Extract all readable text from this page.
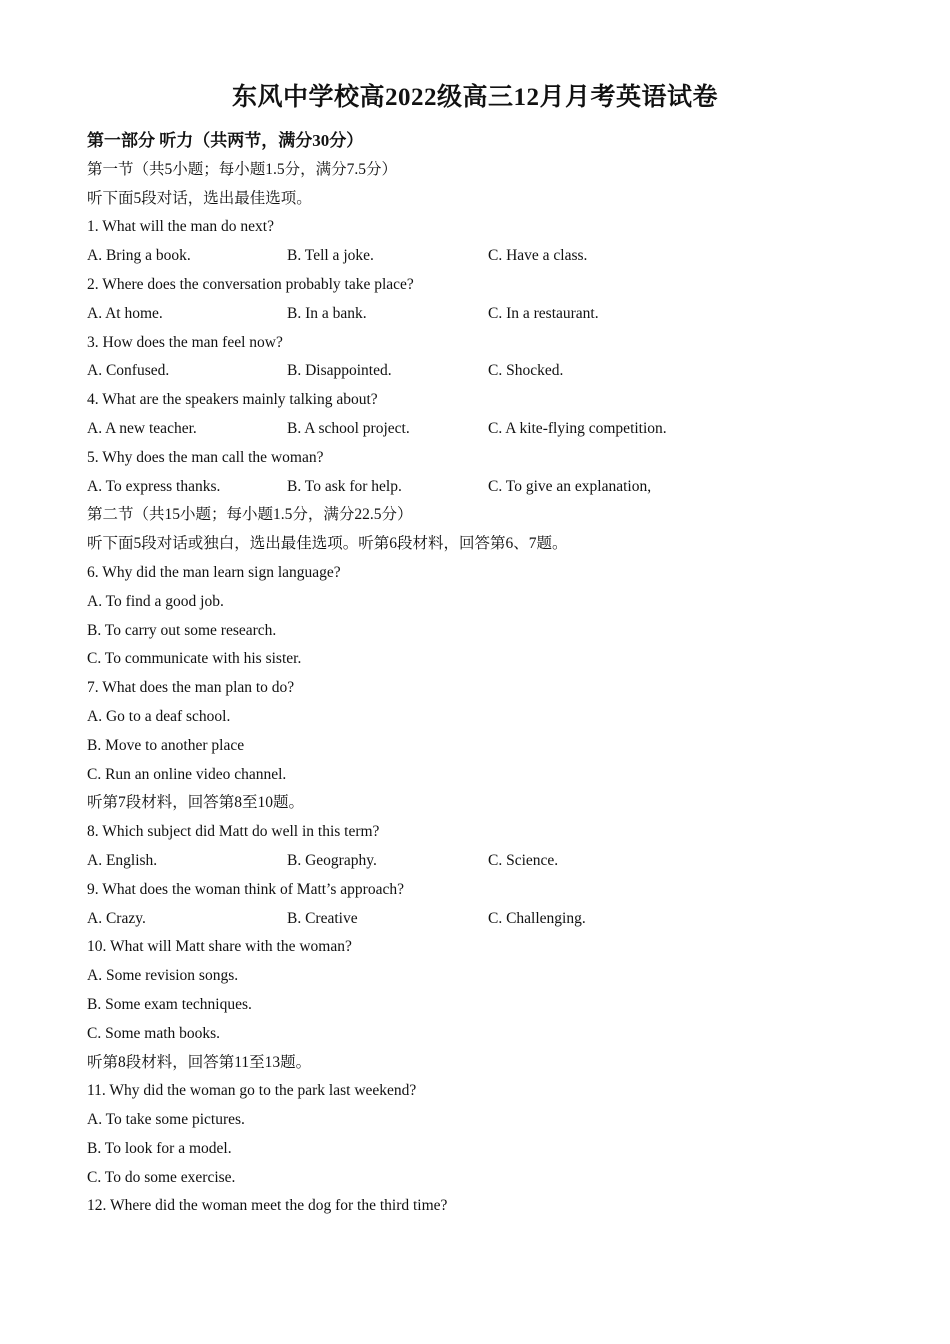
东风中学校高2022级高三12月月考英语试卷
第一部分 听力（共两节，满分30分）
第一节（共5小题；每小题1.5分，满分7.5分）
听下面5段对话，选出最佳选项。
1. What will the man do next?
A. Bring a book.	B. Tell a joke.	C. Have a class.
2. Where does the conversation probably take place?
A. At home.	B. In a bank.	C. In a restaurant.
3. How does the man feel now?
A. Confused.	B. Disappointed.	C. Shocked.
4. What are the speakers mainly talking about?
A. A new teacher.	B. A school project.	C. A kite-flying competition.
5. Why does the man call the woman?
A. To express thanks.	B. To ask for help.	C. To give an explanation,
第二节（共15小题；每小题1.5分，满分22.5分）
听下面5段对话或独白，选出最佳选项。听第6段材料，回答第6、7题。
6. Why did the man learn sign language?
A. To find a good job.
B. To carry out some research.
C. To communicate with his sister.
7. What does the man plan to do?
A. Go to a deaf school.
B. Move to another place
C. Run an online video channel.
听第7段材料，回答第8至10题。
8. Which subject did Matt do well in this term?
A. English.	B. Geography.	C. Science.
9. What does the woman think of Matt’s approach?
A. Crazy.	B. Creative	C. Challenging.
10. What will Matt share with the woman?
A. Some revision songs.
B. Some exam techniques.
C. Some math books.
听第8段材料，回答第11至13题。
11. Why did the woman go to the park last weekend?
A. To take some pictures.
B. To look for a model.
C. To do some exercise.
12. Where did the woman meet the dog for the third time?
